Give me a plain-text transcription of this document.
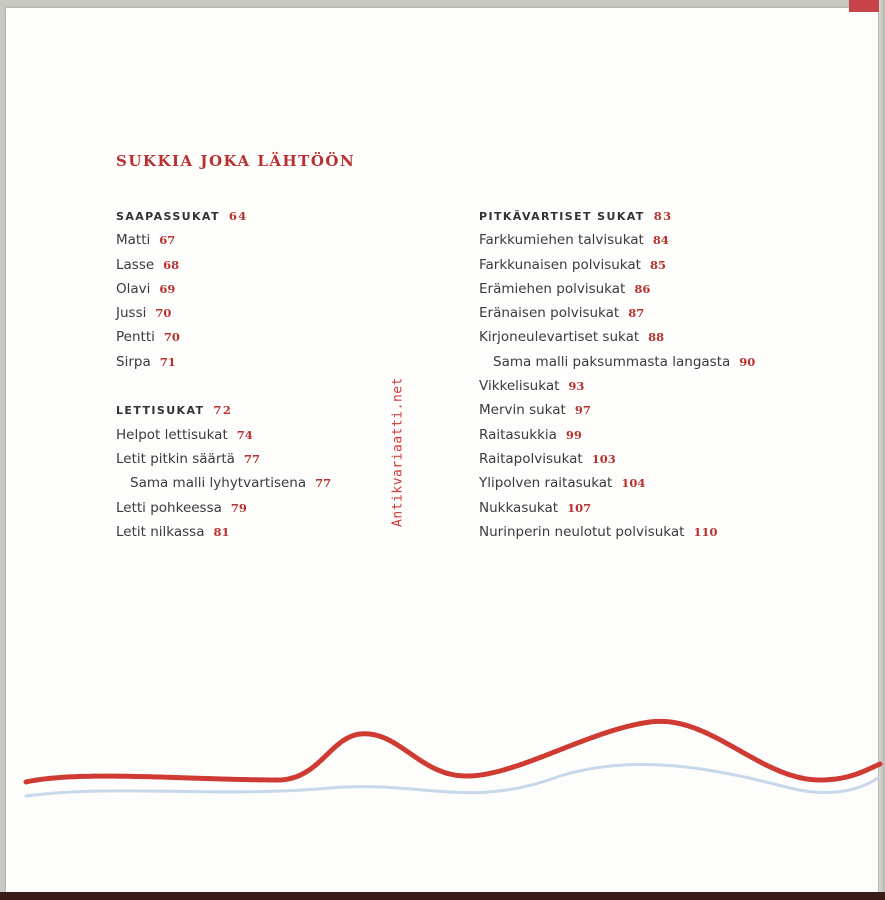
SUKKIA JOKA LÄHTÖÖN
SAAPASSUKAT 64
Matti 67
Lasse 68
Olavi 69
Jussi 70
Pentti 70
Sirpa 71
LETTISUKAT 72
Helpot lettisukat 74
Letit pitkin säärtä 77
Sama malli lyhytvartisena 77
Letti pohkeessa 79
Letit nilkassa 81
PITKÄVARTISET SUKAT 83
Farkkumiehen talvisukat 84
Farkkunaisen polvisukat 85
Erämiehen polvisukat 86
Eränaisen polvisukat 87
Kirjoneulevartiset sukat 88
Sama malli paksummasta langasta 90
Vikkelisukat 93
Mervin sukat 97
Raitasukkia 99
Raitapolvisukat 103
Ylipolven raitasukat 104
Nukkasukat 107
Nurinperin neulotut polvisukat 110
Antikvariaatti.net
